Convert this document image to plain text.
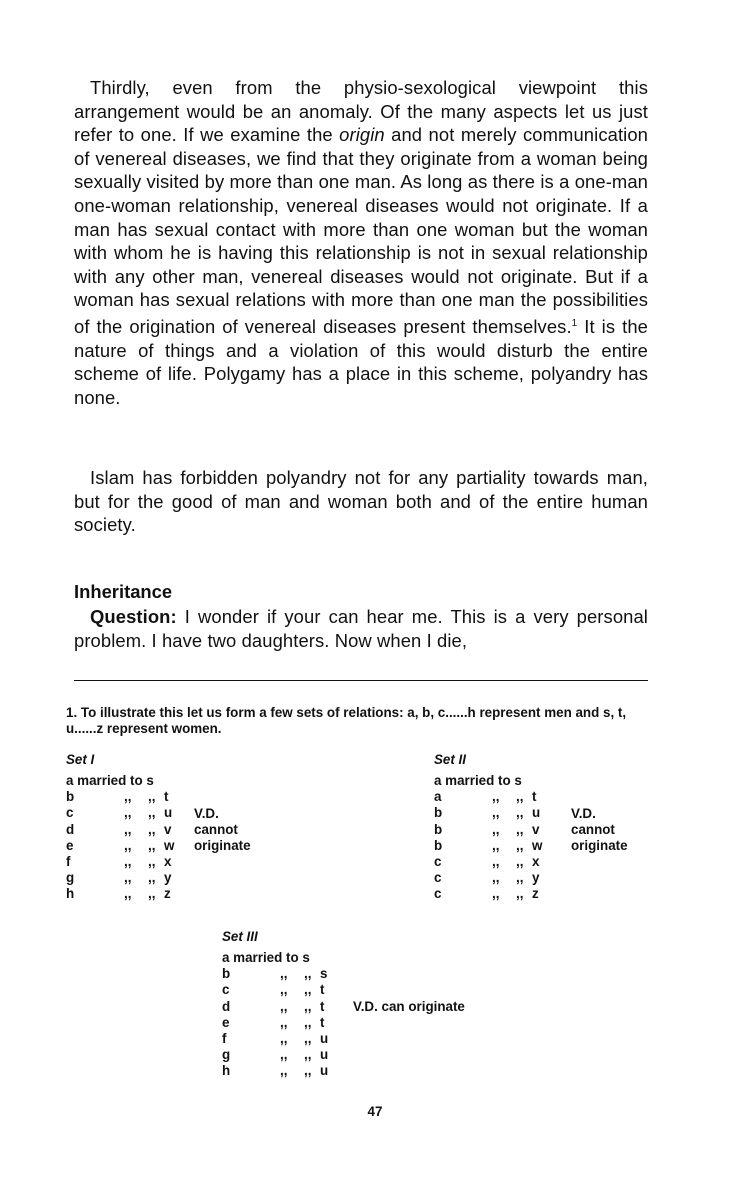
Thirdly, even from the physio-sexological viewpoint this arrangement would be an anomaly. Of the many aspects let us just refer to one. If we examine the origin and not merely communication of venereal diseases, we find that they originate from a woman being sexually visited by more than one man. As long as there is a one-man one-woman relationship, venereal diseases would not originate. If a man has sexual contact with more than one woman but the woman with whom he is having this relationship is not in sexual relationship with any other man, venereal diseases would not originate. But if a woman has sexual relations with more than one man the possibilities of the origination of venereal diseases present themselves.$^1$ It is the nature of things and a violation of this would disturb the entire scheme of life. Polygamy has a place in this scheme, polyandry has none.

Islam has forbidden polyandry not for any partiality towards man, but for the good of man and woman both and of the entire human society.

Inheritance

Question: I wonder if your can hear me. This is a very personal problem. I have two daughters. Now when I die,

1. To illustrate this let us form a few sets of relations: a, b, c......h represent men and s, t, u......z represent women.

Set I
a married to s
b	,,	,, t
c	,,	,, u
d	,,	,, v
e	,,	,, w
f	,,	,, x
g	,,	,, y
h	,,	,, z
V.D.
cannot
originate
Set II
a married to s
a	,,	,, t
b	,,	,, u
b	,,	,, v
b	,,	,, w
c	,,	,, x
c	,,	,, y
c	,,	,, z
V.D.
cannot
originate
Set III
a married to s
b	,,	,, s
c	,,	,, t
d	,,	,, t
e	,,	,, t
f	,,	,, u
g	,,	,, u
h	,,	,, u
V.D. can originate
47
